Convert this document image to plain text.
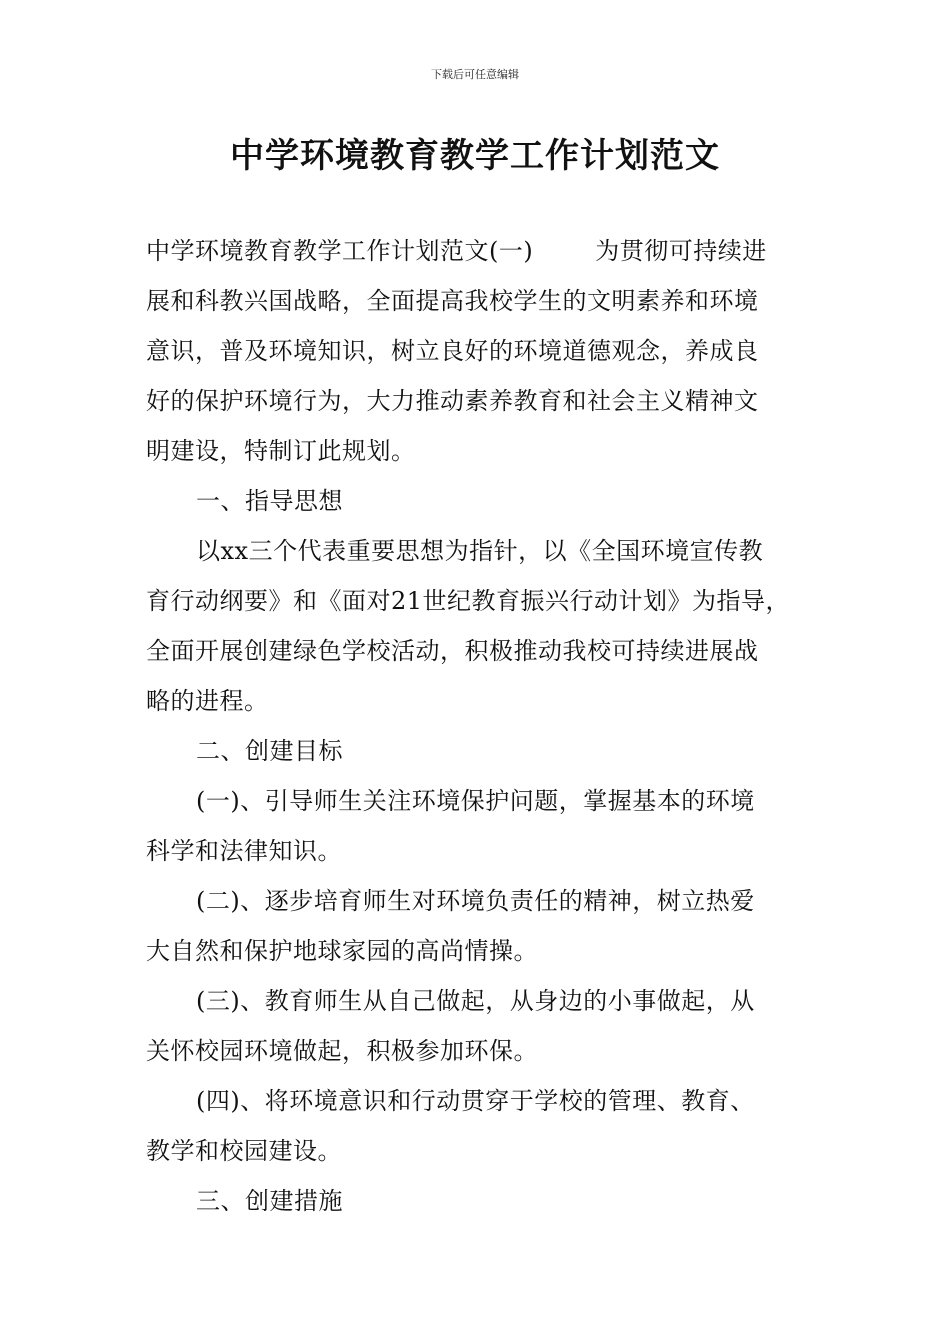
下载后可任意编辑
中学环境教育教学工作计划范文
中学环境教育教学工作计划范文(一)	为贯彻可持续进
展和科教兴国战略，全面提高我校学生的文明素养和环境
意识，普及环境知识，树立良好的环境道德观念，养成良
好的保护环境行为，大力推动素养教育和社会主义精神文
明建设，特制订此规划。
一、指导思想
以xx三个代表重要思想为指针，以《全国环境宣传教
育行动纲要》和《面对21世纪教育振兴行动计划》为指导，
全面开展创建绿色学校活动，积极推动我校可持续进展战
略的进程。
二、创建目标
(一)、引导师生关注环境保护问题，掌握基本的环境
科学和法律知识。
(二)、逐步培育师生对环境负责任的精神，树立热爱
大自然和保护地球家园的高尚情操。
(三)、教育师生从自己做起，从身边的小事做起，从
关怀校园环境做起，积极参加环保。
(四)、将环境意识和行动贯穿于学校的管理、教育、
教学和校园建设。
三、创建措施
